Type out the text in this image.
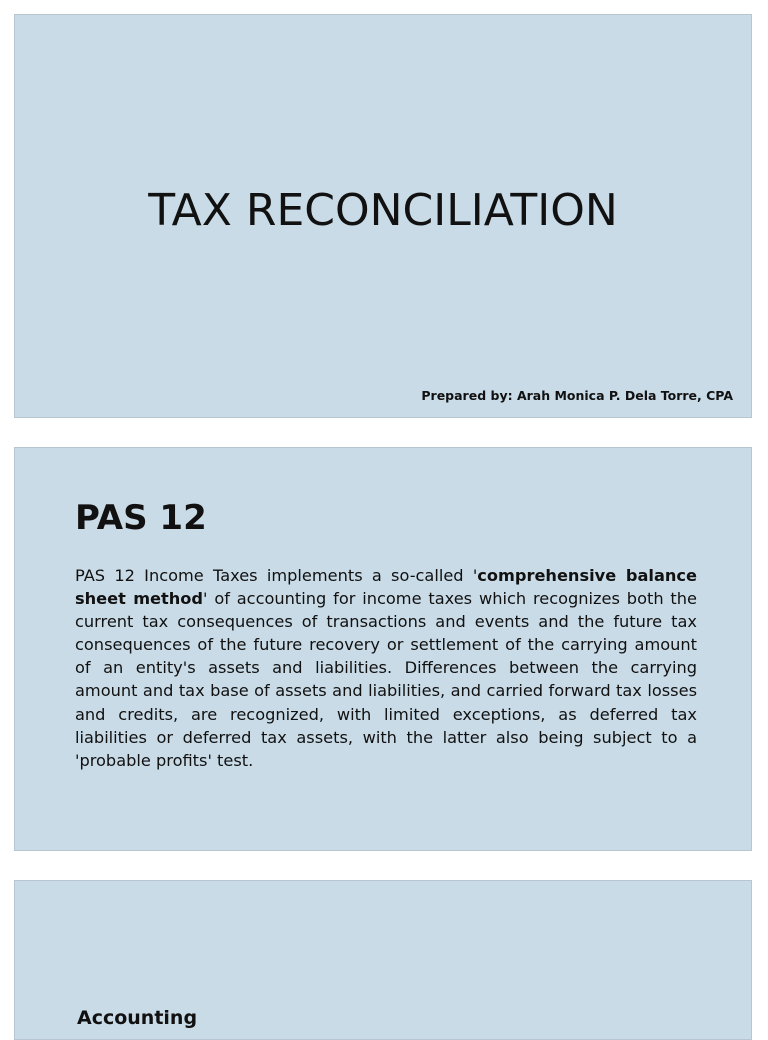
TAX RECONCILIATION
Prepared by: Arah Monica P. Dela Torre, CPA
PAS 12

PAS 12 Income Taxes implements a so-called 'comprehensive balance sheet method' of accounting for income taxes which recognizes both the current tax consequences of transactions and events and the future tax consequences of the future recovery or settlement of the carrying amount of an entity's assets and liabilities. Differences between the carrying amount and tax base of assets and liabilities, and carried forward tax losses and credits, are recognized, with limited exceptions, as deferred tax liabilities or deferred tax assets, with the latter also being subject to a 'probable profits' test.

Accounting
